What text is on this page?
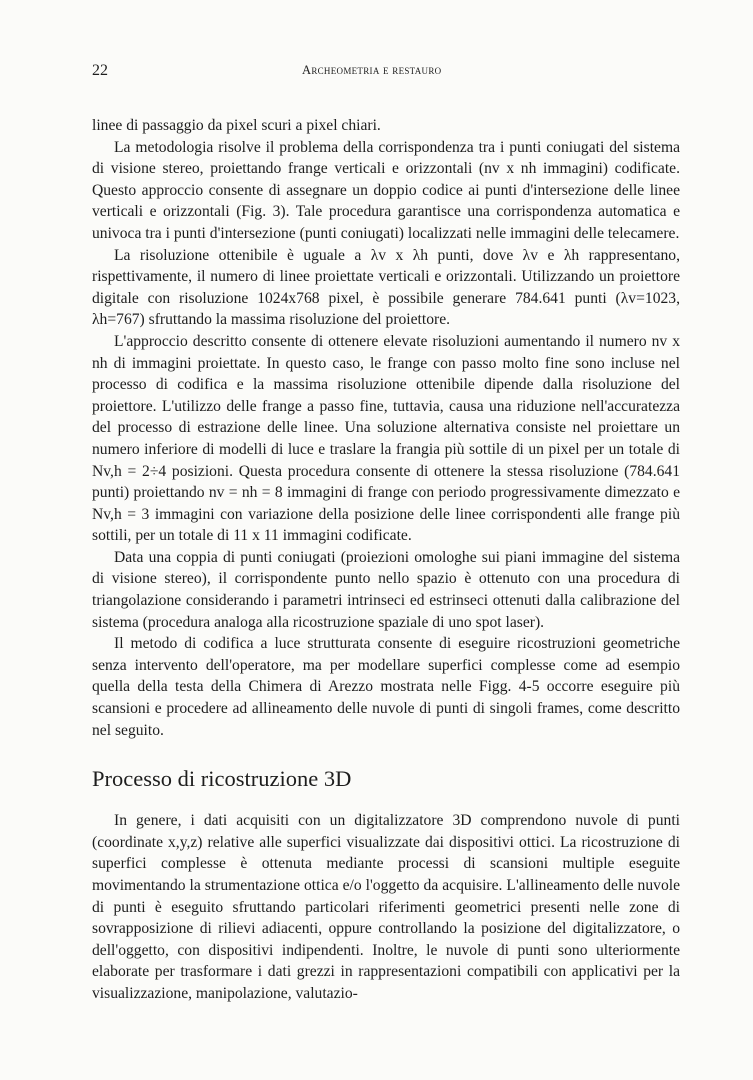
22	Archeometria e restauro

linee di passaggio da pixel scuri a pixel chiari.

La metodologia risolve il problema della corrispondenza tra i punti coniugati del sistema di visione stereo, proiettando frange verticali e orizzontali (nv x nh immagini) codificate. Questo approccio consente di assegnare un doppio codice ai punti d'intersezione delle linee verticali e orizzontali (Fig. 3). Tale procedura garantisce una corrispondenza automatica e univoca tra i punti d'intersezione (punti coniugati) localizzati nelle immagini delle telecamere.

La risoluzione ottenibile è uguale a λv x λh punti, dove λv e λh rappresentano, rispettivamente, il numero di linee proiettate verticali e orizzontali. Utilizzando un proiettore digitale con risoluzione 1024x768 pixel, è possibile generare 784.641 punti (λv=1023, λh=767) sfruttando la massima risoluzione del proiettore.

L'approccio descritto consente di ottenere elevate risoluzioni aumentando il numero nv x nh di immagini proiettate. In questo caso, le frange con passo molto fine sono incluse nel processo di codifica e la massima risoluzione ottenibile dipende dalla risoluzione del proiettore. L'utilizzo delle frange a passo fine, tuttavia, causa una riduzione nell'accuratezza del processo di estrazione delle linee. Una soluzione alternativa consiste nel proiettare un numero inferiore di modelli di luce e traslare la frangia più sottile di un pixel per un totale di Nv,h = 2÷4 posizioni. Questa procedura consente di ottenere la stessa risoluzione (784.641 punti) proiettando nv = nh = 8 immagini di frange con periodo progressivamente dimezzato e Nv,h = 3 immagini con variazione della posizione delle linee corrispondenti alle frange più sottili, per un totale di 11 x 11 immagini codificate.

Data una coppia di punti coniugati (proiezioni omologhe sui piani immagine del sistema di visione stereo), il corrispondente punto nello spazio è ottenuto con una procedura di triangolazione considerando i parametri intrinseci ed estrinseci ottenuti dalla calibrazione del sistema (procedura analoga alla ricostruzione spaziale di uno spot laser).

Il metodo di codifica a luce strutturata consente di eseguire ricostruzioni geometriche senza intervento dell'operatore, ma per modellare superfici complesse come ad esempio quella della testa della Chimera di Arezzo mostrata nelle Figg. 4-5 occorre eseguire più scansioni e procedere ad allineamento delle nuvole di punti di singoli frames, come descritto nel seguito.

Processo di ricostruzione 3D

In genere, i dati acquisiti con un digitalizzatore 3D comprendono nuvole di punti (coordinate x,y,z) relative alle superfici visualizzate dai dispositivi ottici. La ricostruzione di superfici complesse è ottenuta mediante processi di scansioni multiple eseguite movimentando la strumentazione ottica e/o l'oggetto da acquisire. L'allineamento delle nuvole di punti è eseguito sfruttando particolari riferimenti geometrici presenti nelle zone di sovrapposizione di rilievi adiacenti, oppure controllando la posizione del digitalizzatore, o dell'oggetto, con dispositivi indipendenti. Inoltre, le nuvole di punti sono ulteriormente elaborate per trasformare i dati grezzi in rappresentazioni compatibili con applicativi per la visualizzazione, manipolazione, valutazio-
